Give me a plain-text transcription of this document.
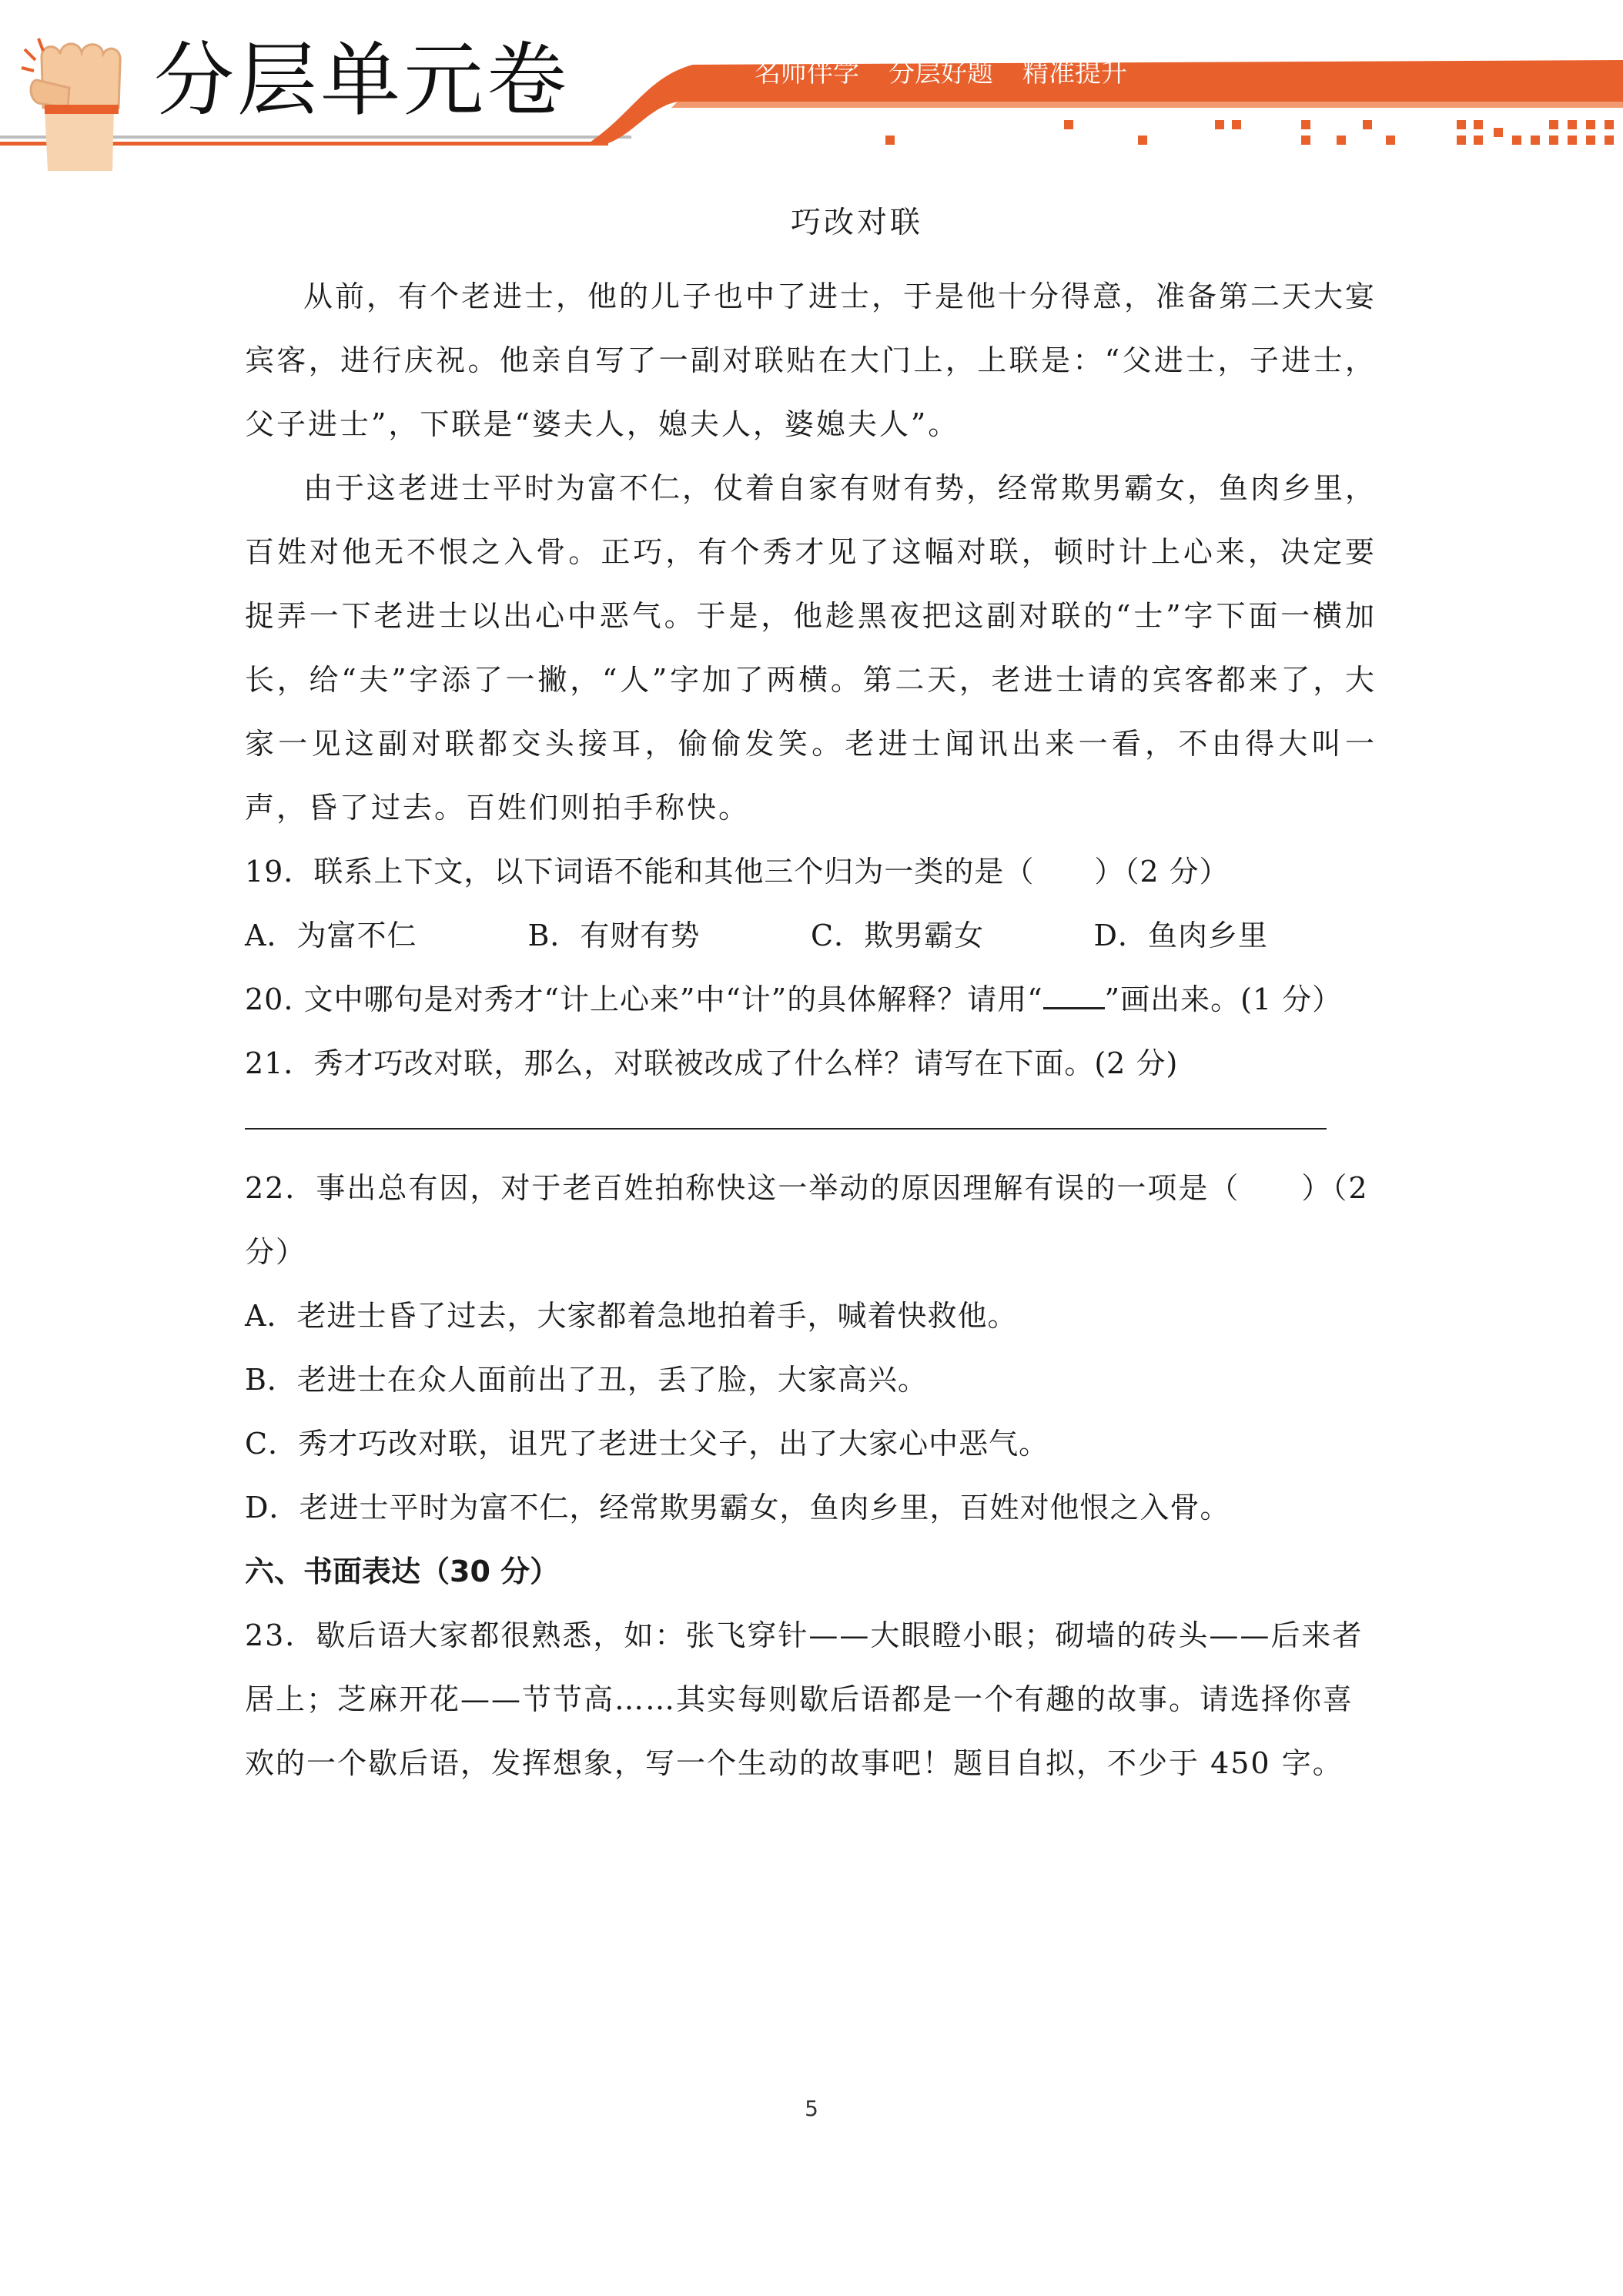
分层单元卷	名师伴学 分层好题 精准提升
巧改对联

从前，有个老进士，他的儿子也中了进士，于是他十分得意，准备第二天大宴宾客，进行庆祝。他亲自写了一副对联贴在大门上，上联是：“父进士，子进士，父子进士”，下联是“婆夫人，媳夫人，婆媳夫人”。

由于这老进士平时为富不仁，仗着自家有财有势，经常欺男霸女，鱼肉乡里，百姓对他无不恨之入骨。正巧，有个秀才见了这幅对联，顿时计上心来，决定要捉弄一下老进士以出心中恶气。于是，他趁黑夜把这副对联的“士”字下面一横加长，给“夫”字添了一撇，“人”字加了两横。第二天，老进士请的宾客都来了，大家一见这副对联都交头接耳，偷偷发笑。老进士闻讯出来一看，不由得大叫一声，昏了过去。百姓们则拍手称快。

19．联系上下文，以下词语不能和其他三个归为一类的是（　　）（2 分）

A．为富不仁	B．有财有势	C．欺男霸女	D．鱼肉乡里

20. 文中哪句是对秀才“计上心来”中“计”的具体解释？请用“ ”画出来。(1 分）

21．秀才巧改对联，那么，对联被改成了什么样？请写在下面。(2 分)

22．事出总有因，对于老百姓拍称快这一举动的原因理解有误的一项是（　　）（2 分）

A．老进士昏了过去，大家都着急地拍着手，喊着快救他。

B．老进士在众人面前出了丑，丢了脸，大家高兴。

C．秀才巧改对联，诅咒了老进士父子，出了大家心中恶气。

D．老进士平时为富不仁，经常欺男霸女，鱼肉乡里，百姓对他恨之入骨。

六、书面表达（30 分）

23．歇后语大家都很熟悉，如：张飞穿针——大眼瞪小眼；砌墙的砖头——后来者居上；芝麻开花——节节高……其实每则歇后语都是一个有趣的故事。请选择你喜欢的一个歇后语，发挥想象，写一个生动的故事吧！题目自拟，不少于 450 字。

5
